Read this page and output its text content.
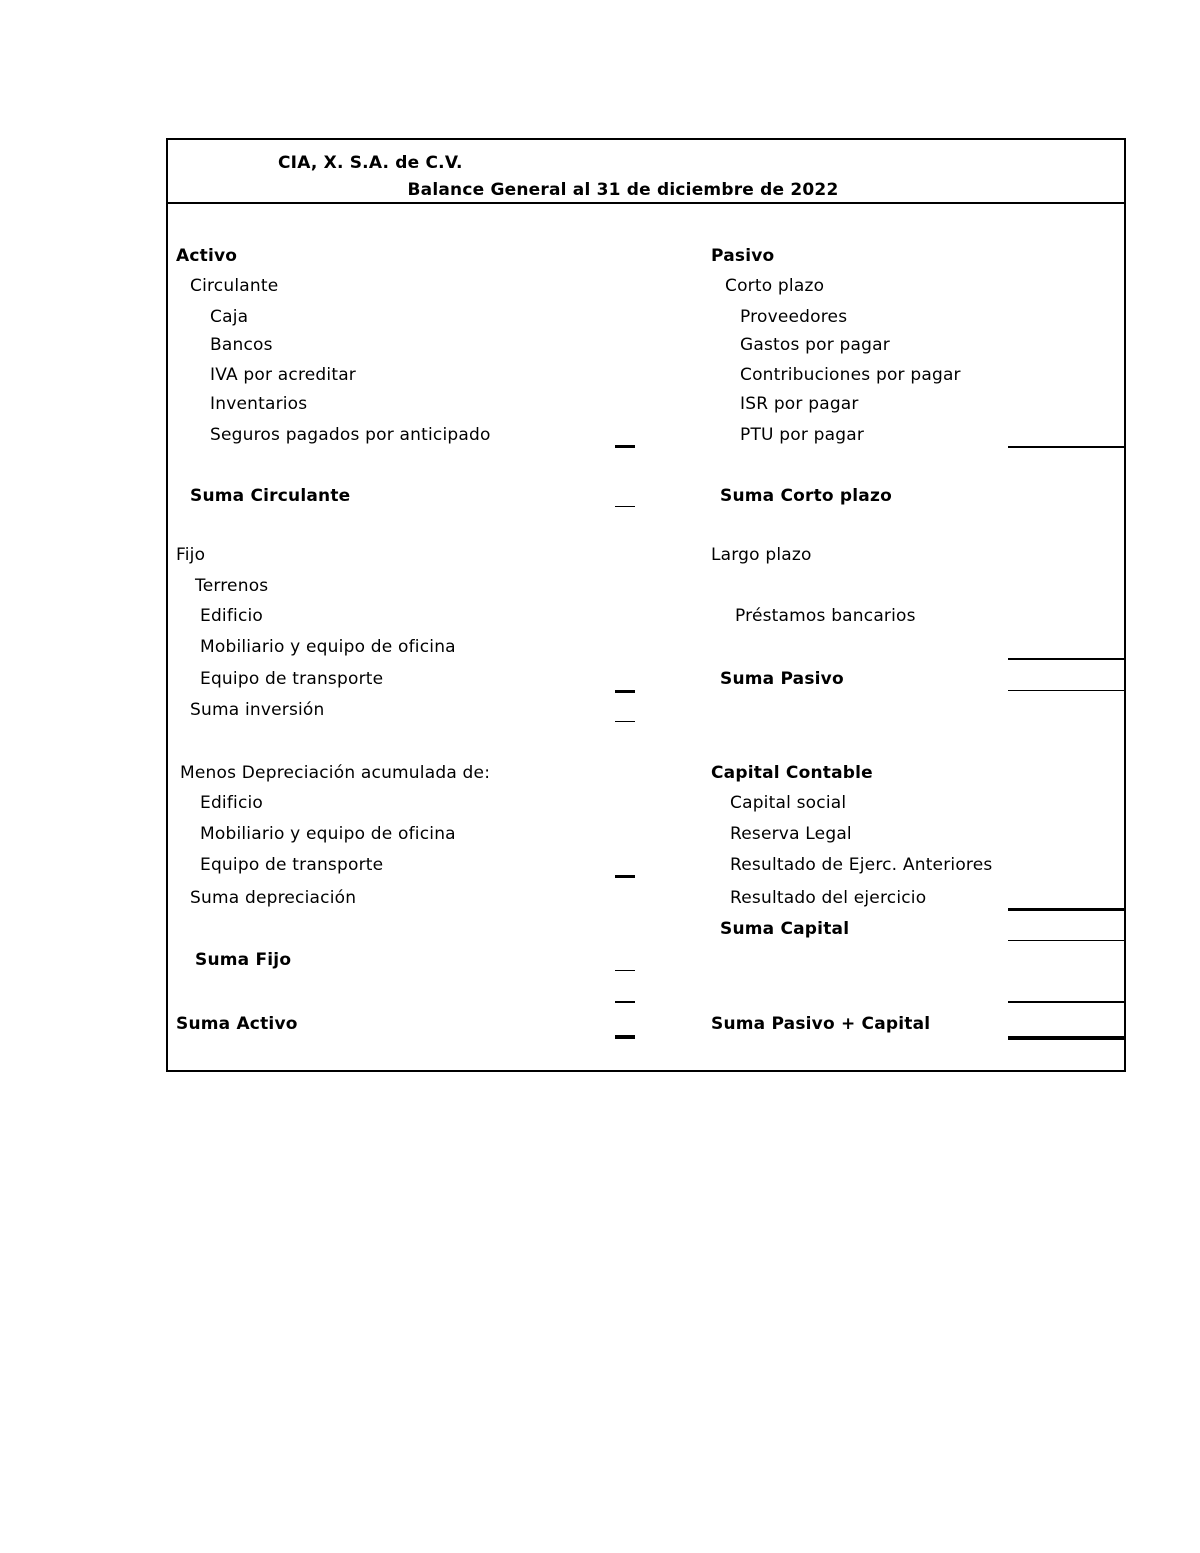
CIA, X. S.A. de C.V.
Balance General al 31 de diciembre de 2022
Activo
Circulante
Caja
Bancos
IVA por acreditar
Inventarios
Seguros pagados por anticipado
Suma Circulante
Fijo
Terrenos
Edificio
Mobiliario y equipo de oficina
Equipo de transporte
Suma inversión
Menos Depreciación acumulada de:
Edificio
Mobiliario y equipo de oficina
Equipo de transporte
Suma depreciación
Suma Fijo
Suma Activo
Pasivo
Corto plazo
Proveedores
Gastos por pagar
Contribuciones por pagar
ISR por pagar
PTU por pagar
Suma Corto plazo
Largo plazo
Préstamos bancarios
Suma Pasivo
Capital Contable
Capital social
Reserva Legal
Resultado de Ejerc. Anteriores
Resultado del ejercicio
Suma Capital
Suma Pasivo + Capital
